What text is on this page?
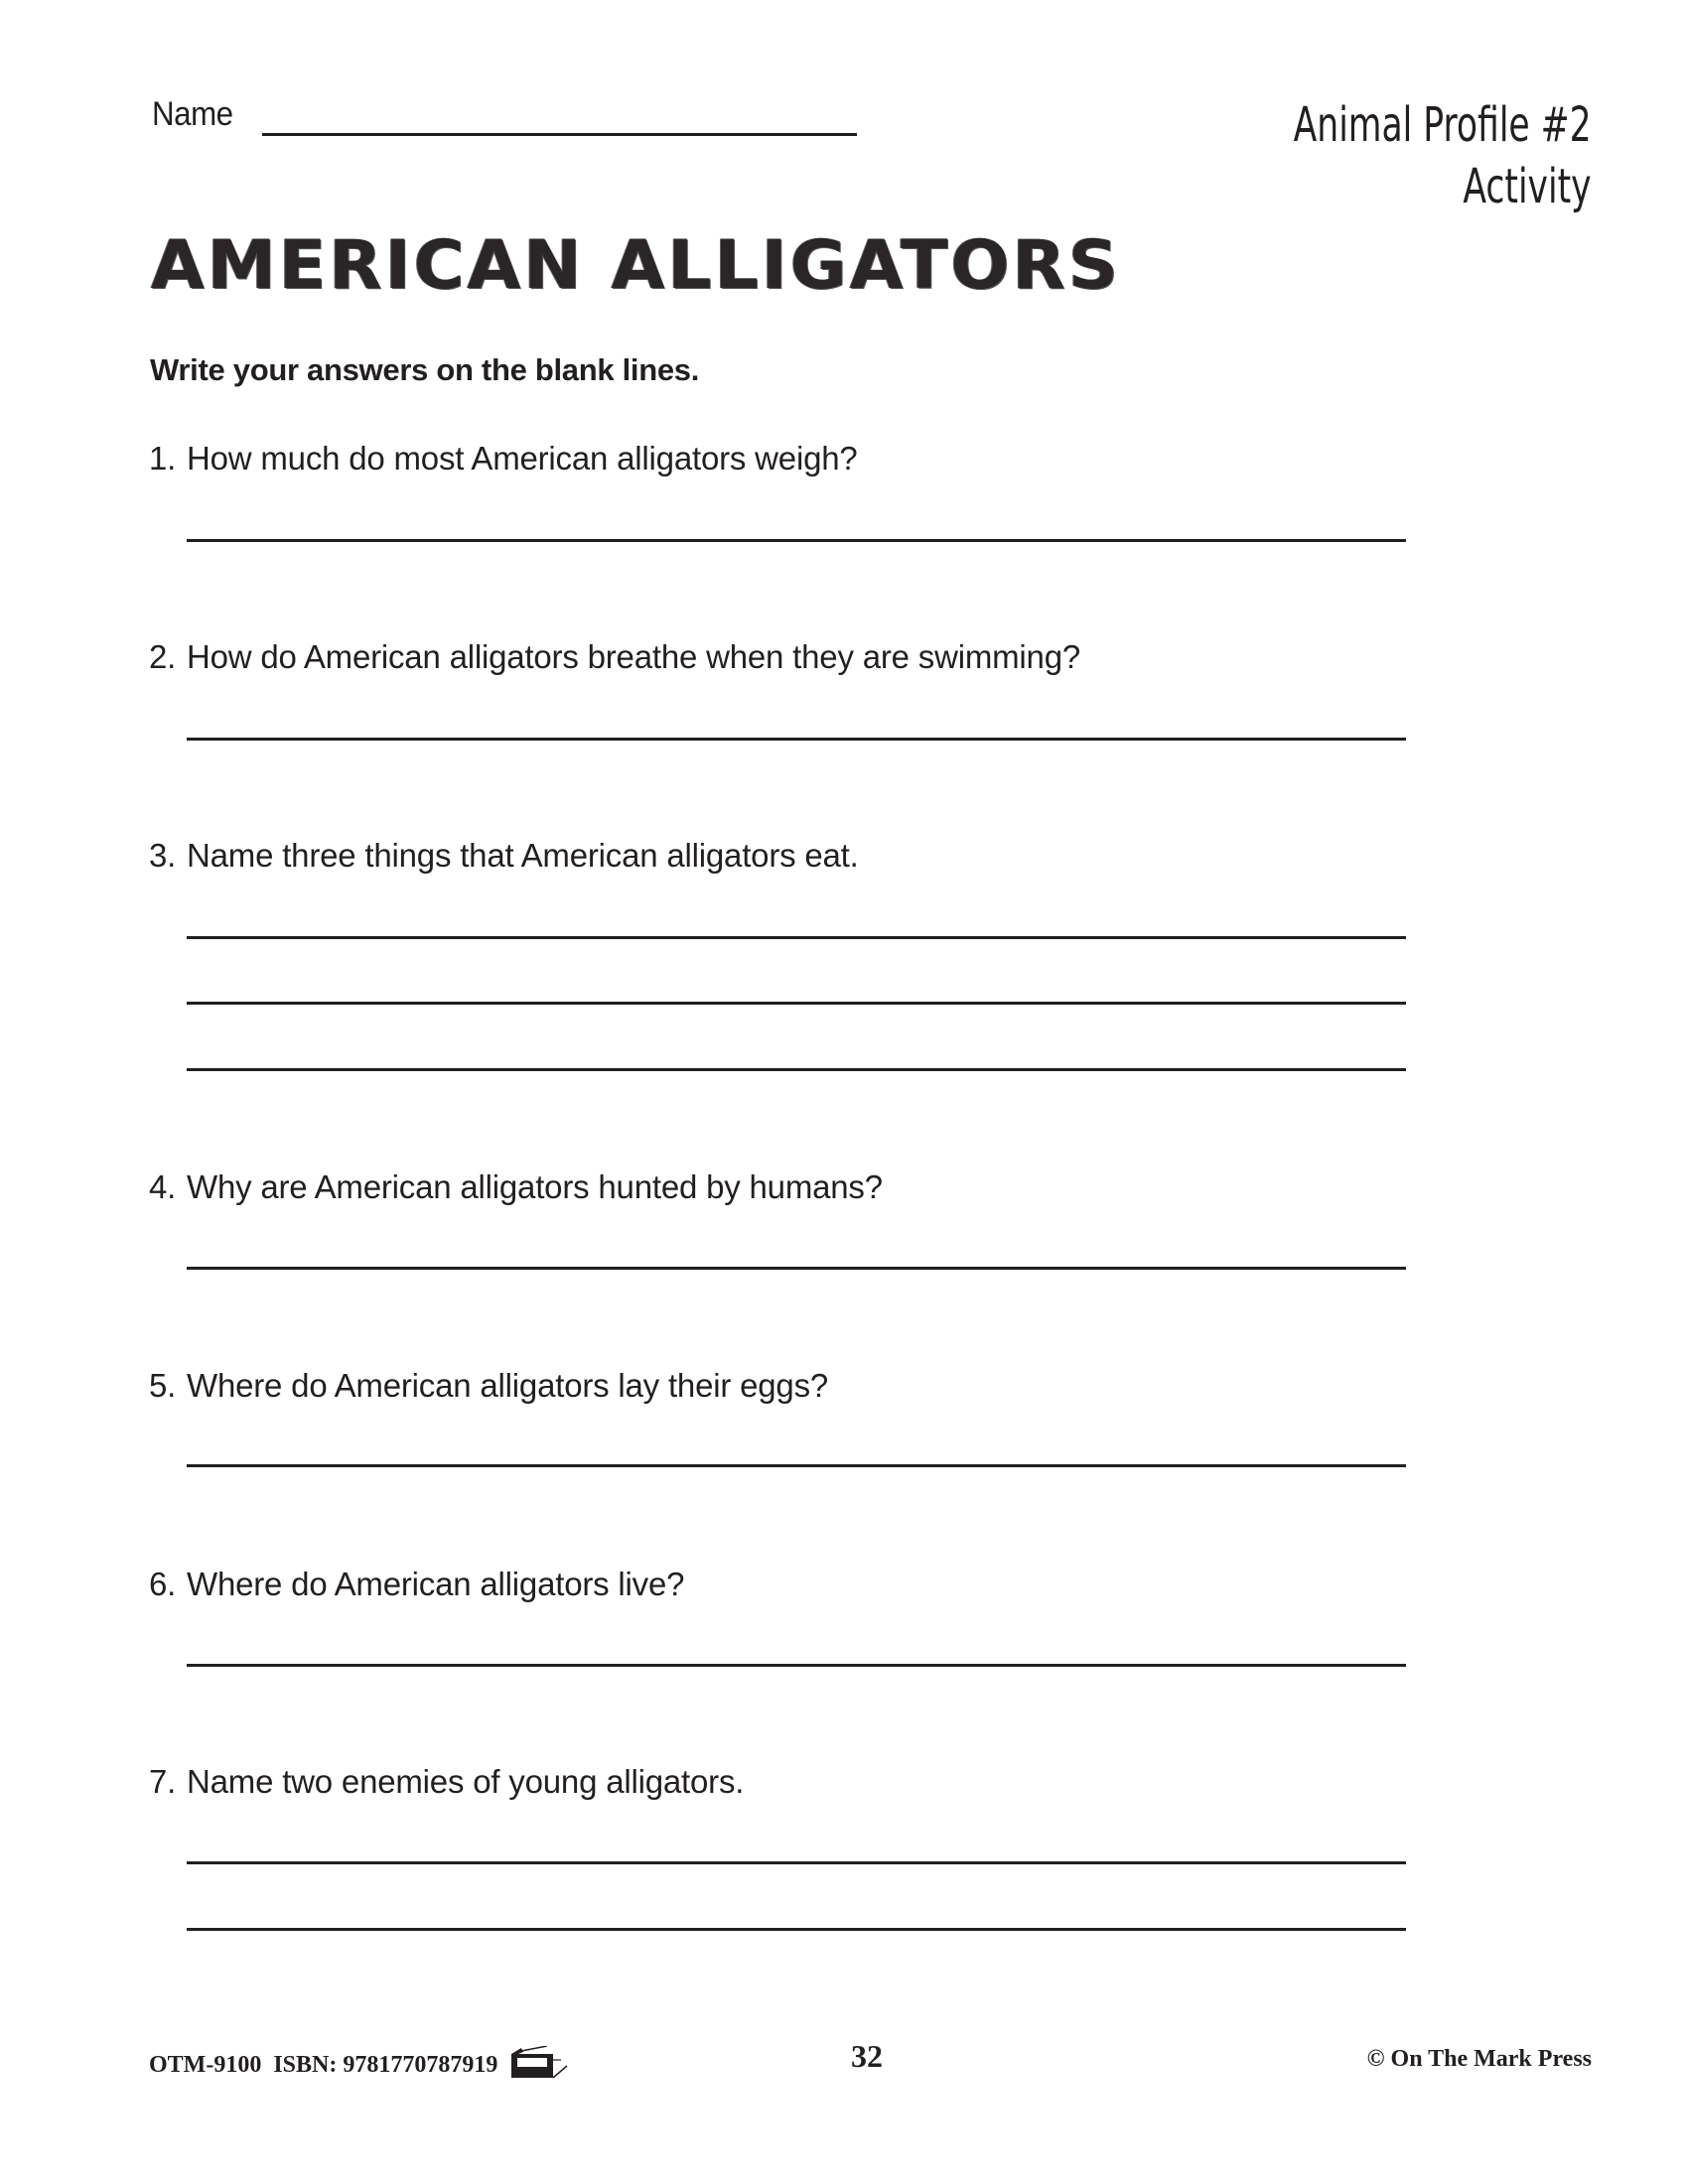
Name	Animal Profile #2
Activity
AMERICAN ALLIGATORS
Write your answers on the blank lines.
1. How much do most American alligators weigh?
2. How do American alligators breathe when they are swimming?
3. Name three things that American alligators eat.
4. Why are American alligators hunted by humans?
5. Where do American alligators lay their eggs?
6. Where do American alligators live?
7. Name two enemies of young alligators.
OTM-9100  ISBN: 9781770787919	32	© On The Mark Press
